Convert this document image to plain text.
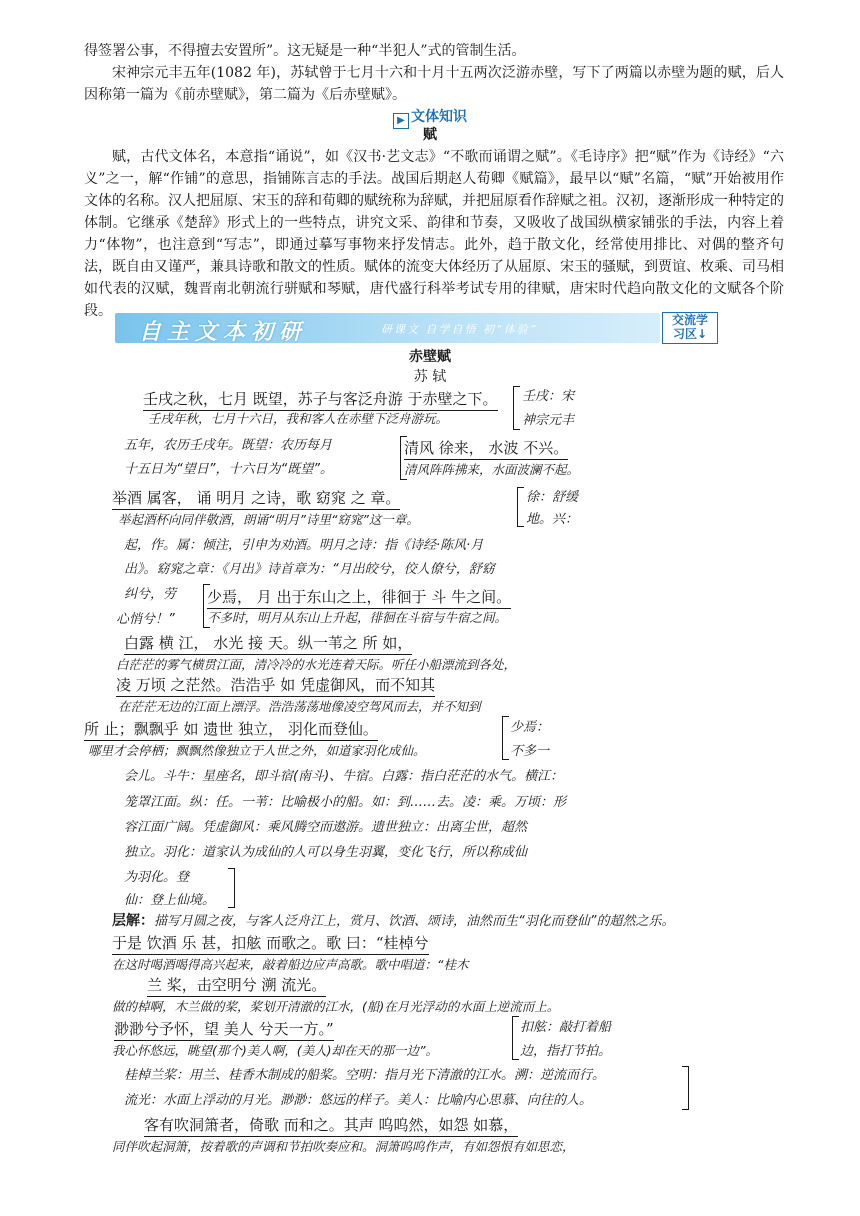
得签署公事，不得擅去安置所”。这无疑是一种“半犯人”式的管制生活。
宋神宗元丰五年(1082 年)，苏轼曾于七月十六和十月十五两次泛游赤壁，写下了两篇以赤壁为题的赋，后人因称第一篇为《前赤壁赋》，第二篇为《后赤壁赋》。
▶ 文体知识
赋
赋，古代文体名，本意指“诵说”，如《汉书·艺文志》“不歌而诵谓之赋”。《毛诗序》把“赋”作为《诗经》“六义”之一，解“作铺”的意思，指铺陈言志的手法。战国后期赵人荀卿《赋篇》，最早以“赋”名篇，“赋”开始被用作文体的名称。汉人把屈原、宋玉的辞和荀卿的赋统称为辞赋，并把屈原看作辞赋之祖。汉初，逐渐形成一种特定的体制。它继承《楚辞》形式上的一些特点，讲究文采、韵律和节奏，又吸收了战国纵横家铺张的手法，内容上着力“体物”，也注意到“写志”，即通过摹写事物来抒发情志。此外，趋于散文化，经常使用排比、对偶的整齐句法，既自由又谨严，兼具诗歌和散文的性质。赋体的流变大体经历了从屈原、宋玉的骚赋，到贾谊、枚乘、司马相如代表的汉赋，魏晋南北朝流行骈赋和琴赋，唐代盛行科举考试专用的律赋，唐宋时代趋向散文化的文赋各个阶段。
自主文本初研	研课文 自学自悟 初“体验”
交流学
习区↓
赤壁赋
苏 轼
壬戌之秋，七月 既望，苏子与客泛舟游 于赤壁之下。
壬戌年秋，七月十六日，我和客人在赤壁下泛舟游玩。
壬戌：宋
神宗元丰
五年，农历壬戌年。既望：农历每月
十五日为“望日”，十六日为“既望”。
清风 徐来， 水波 不兴。
清风阵阵拂来，水面波澜不起。
举酒 属客， 诵 明月 之诗，歌 窈窕 之 章。
举起酒杯向同伴敬酒，朗诵“明月”诗里“窈窕”这一章。
徐：舒缓
地。兴：
起，作。属：倾注，引申为劝酒。明月之诗：指《诗经·陈风·月
出》。窈窕之章：《月出》诗首章为：“月出皎兮，佼人僚兮，舒窈
纠兮，劳
心悄兮！”
少焉， 月 出于东山之上，徘徊于 斗 牛之间。
不多时，明月从东山上升起，徘徊在斗宿与牛宿之间。
白露 横 江， 水光 接 天。纵一苇之 所 如，
白茫茫的雾气横贯江面，清冷冷的水光连着天际。听任小船漂流到各处，
凌 万顷 之茫然。浩浩乎 如 凭虚御风，而不知其
在茫茫无边的江面上漂浮。浩浩荡荡地像凌空驾风而去，并不知到
所 止；飘飘乎 如 遗世 独立， 羽化而登仙。
哪里才会停栖；飘飘然像独立于人世之外，如道家羽化成仙。
少焉：
不多一
会儿。斗牛：星座名，即斗宿(南斗)、牛宿。白露：指白茫茫的水气。横江：
笼罩江面。纵：任。一苇：比喻极小的船。如：到……去。凌：乘。万顷：形
容江面广阔。凭虚御风：乘风腾空而遨游。遗世独立：出离尘世，超然
独立。羽化：道家认为成仙的人可以身生羽翼，变化飞行，所以称成仙
为羽化。登
仙：登上仙境。
层解：描写月圆之夜，与客人泛舟江上，赏月、饮酒、颂诗，油然而生“羽化而登仙”的超然之乐。
于是 饮酒 乐 甚，扣舷 而歌之。歌 曰：“桂棹兮
在这时喝酒喝得高兴起来，敲着船边应声高歌。歌中唱道：“桂木
兰 桨，击空明兮 溯 流光。
做的棹啊，木兰做的桨，桨划开清澈的江水，(船)在月光浮动的水面上逆流而上。
渺渺兮予怀，望 美人 兮天一方。”
我心怀悠远，眺望(那个)美人啊，(美人)却在天的那一边”。
扣舷：敲打着船
边，指打节拍。
桂棹兰桨：用兰、桂香木制成的船桨。空明：指月光下清澈的江水。溯：逆流而行。
流光：水面上浮动的月光。渺渺：悠远的样子。美人：比喻内心思慕、向往的人。
客有吹洞箫者，倚歌 而和之。其声 呜呜然，如怨 如慕，
同伴吹起洞箫，按着歌的声调和节拍吹奏应和。洞箫呜呜作声，有如怨恨有如思恋，
